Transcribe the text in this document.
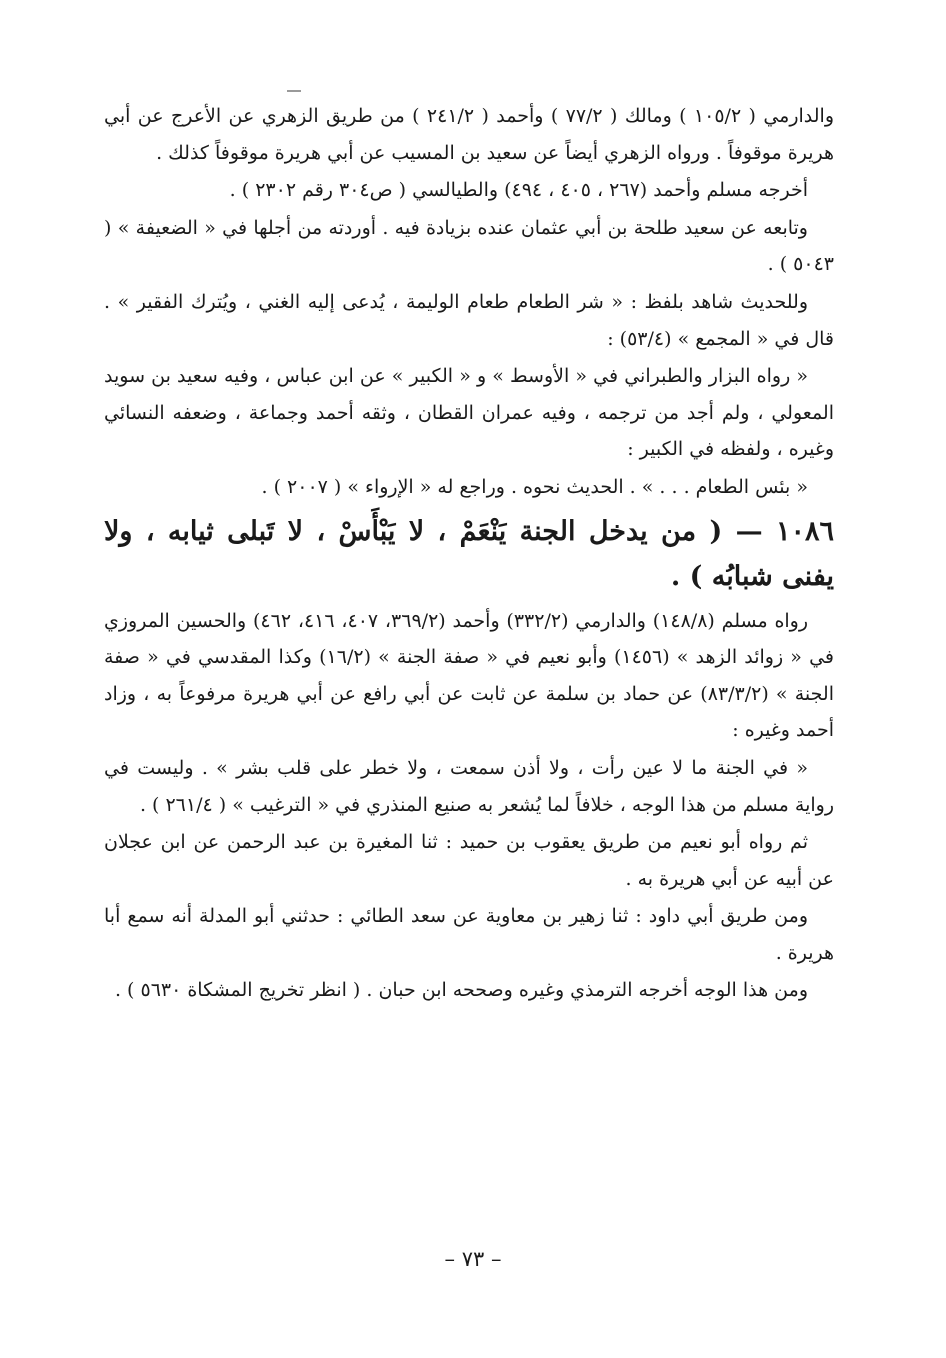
والدارمي ( ١٠٥/٢ ) ومالك ( ٧٧/٢ ) وأحمد ( ٢٤١/٢ ) من طريق الزهري عن الأعرج عن أبي هريرة موقوفاً . ورواه الزهري أيضاً عن سعيد بن المسيب عن أبي هريرة موقوفاً كذلك .

أخرجه مسلم وأحمد (٢٦٧ ، ٤٠٥ ، ٤٩٤) والطيالسي ( ص٣٠٤ رقم ٢٣٠٢ ) .

وتابعه عن سعيد طلحة بن أبي عثمان عنده بزيادة فيه . أوردته من أجلها في « الضعيفة » ( ٥٠٤٣ ) .

وللحديث شاهد بلفظ : « شر الطعام طعام الوليمة ، يُدعى إليه الغني ، ويُترك الفقير » . قال في « المجمع » (٥٣/٤) :

« رواه البزار والطبراني في « الأوسط » و « الكبير » عن ابن عباس ، وفيه سعيد بن سويد المعولي ، ولم أجد من ترجمه ، وفيه عمران القطان ، وثقه أحمد وجماعة ، وضعفه النسائي وغيره ، ولفظه في الكبير :

« بئس الطعام . . . » . الحديث نحوه . وراجع له « الإرواء » ( ٢٠٠٧ ) .

١٠٨٦ — ( من يدخل الجنة يَنْعَمْ ، لا يَبْأَسْ ، لا تَبلى ثيابه ، ولا يفنى شبابُه ) .

رواه مسلم (١٤٨/٨) والدارمي (٣٣٢/٢) وأحمد (٣٦٩/٢، ٤٠٧، ٤١٦، ٤٦٢) والحسين المروزي في « زوائد الزهد » (١٤٥٦) وأبو نعيم في « صفة الجنة » (١٦/٢) وكذا المقدسي في « صفة الجنة » (٨٣/٣/٢) عن حماد بن سلمة عن ثابت عن أبي رافع عن أبي هريرة مرفوعاً به ، وزاد أحمد وغيره :

« في الجنة ما لا عين رأت ، ولا أذن سمعت ، ولا خطر على قلب بشر » . وليست في رواية مسلم من هذا الوجه ، خلافاً لما يُشعر به صنيع المنذري في « الترغيب » ( ٢٦١/٤ ) .

ثم رواه أبو نعيم من طريق يعقوب بن حميد : ثنا المغيرة بن عبد الرحمن عن ابن عجلان عن أبيه عن أبي هريرة به .

ومن طريق أبي داود : ثنا زهير بن معاوية عن سعد الطائي : حدثني أبو المدلة أنه سمع أبا هريرة .

ومن هذا الوجه أخرجه الترمذي وغيره وصححه ابن حبان . ( انظر تخريج المشكاة ٥٦٣٠ ) .

– ٧٣ –
